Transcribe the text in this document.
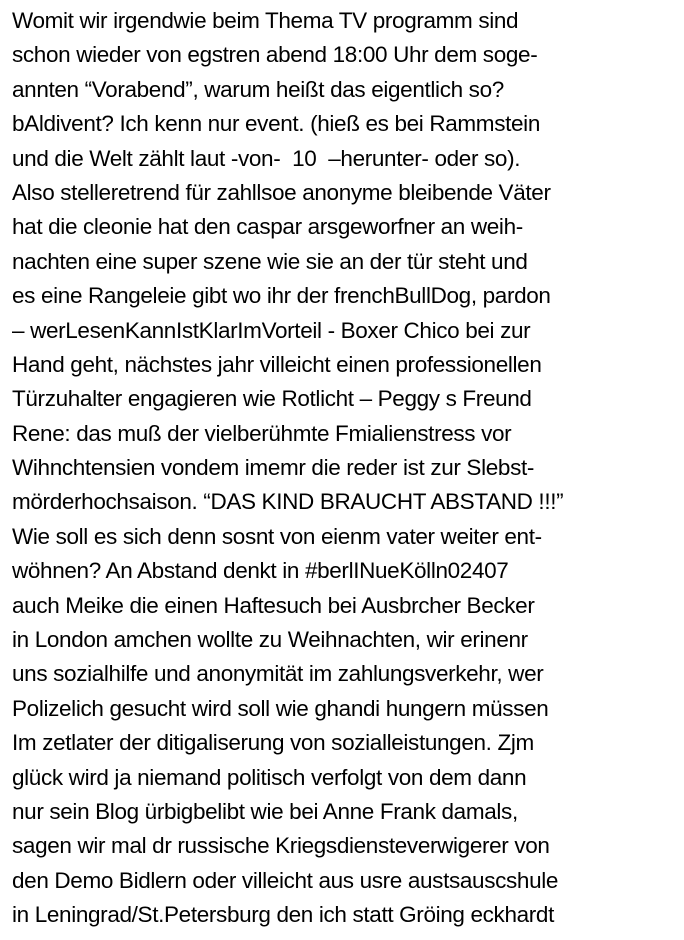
Womit wir irgendwie beim Thema TV programm sind
schon wieder von egstren abend 18:00 Uhr dem soge-
annten “Vorabend”, warum heißt das eigentlich so?
bAldivent? Ich kenn nur event. (hieß es bei Rammstein
und die Welt zählt laut -von-  10  –herunter- oder so).
Also stelleretrend für zahllsoe anonyme bleibende Väter
hat die cleonie hat den caspar arsgeworfner an weih-
nachten eine super szene wie sie an der tür steht und
es eine Rangeleie gibt wo ihr der frenchBullDog, pardon
– werLesenKannIstKlarImVorteil - Boxer Chico bei zur
Hand geht, nächstes jahr villeicht einen professionellen
Türzuhalter engagieren wie Rotlicht – Peggy s Freund
Rene: das muß der vielberühmte Fmialienstress vor
Wihnchtensien vondem imemr die reder ist zur Slebst-
mörderhochsaison. “DAS KIND BRAUCHT ABSTAND !!!”
Wie soll es sich denn sosnt von eienm vater weiter ent-
wöhnen? An Abstand denkt in #berlINueKölln02407
auch Meike die einen Haftesuch bei Ausbrcher Becker
in London amchen wollte zu Weihnachten, wir erinenr
uns sozialhilfe und anonymität im zahlungsverkehr, wer
Polizelich gesucht wird soll wie ghandi hungern müssen
Im zetlater der ditigaliserung von sozialleistungen. Zjm
glück wird ja niemand politisch verfolgt von dem dann
nur sein Blog ürbigbelibt wie bei Anne Frank damals,
sagen wir mal dr russische Kriegsdiensteverwigerer von
den Demo Bidlern oder villeicht aus usre austsauscshule
in Leningrad/St.Petersburg den ich statt Gröing eckhardt
